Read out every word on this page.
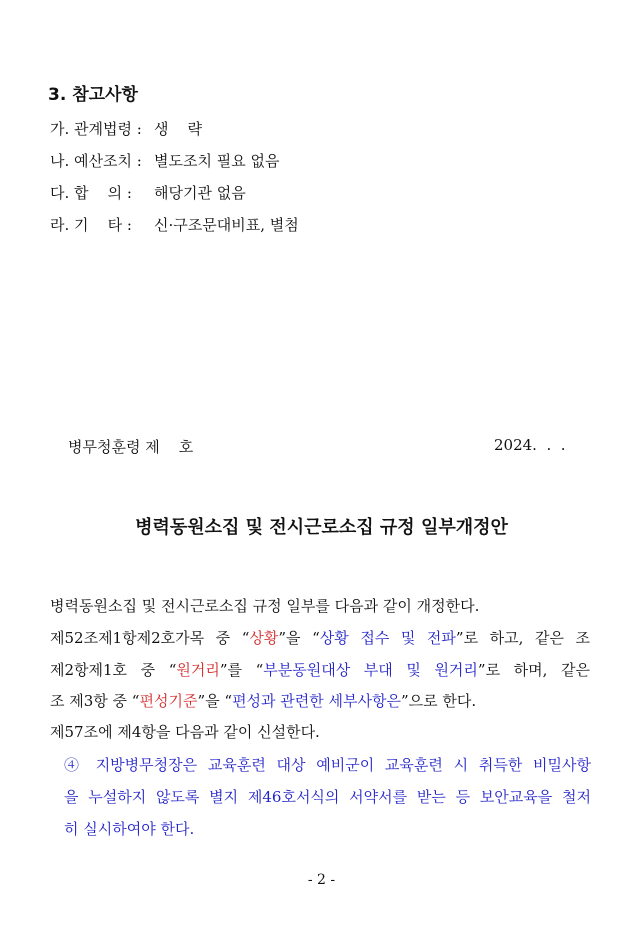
3. 참고사항
가. 관계법령 : 생    략
나. 예산조치 : 별도조치 필요 없음
다. 합    의 : 해당기관 없음
라. 기    타 : 신·구조문대비표, 별첨
병무청훈령 제    호	2024.  .  .
병력동원소집 및 전시근로소집 규정 일부개정안
병력동원소집 및 전시근로소집 규정 일부를 다음과 같이 개정한다.
제52조제1항제2호가목 중 “상황”을 “상황 접수 및 전파”로 하고, 같은 조
제2항제1호 중 “원거리”를 “부분동원대상 부대 및 원거리”로 하며, 같은
조 제3항 중 “편성기준”을 “편성과 관련한 세부사항은”으로 한다.
제57조에 제4항을 다음과 같이 신설한다.
④ 지방병무청장은 교육훈련 대상 예비군이 교육훈련 시 취득한 비밀사항
을 누설하지 않도록 별지 제46호서식의 서약서를 받는 등 보안교육을 철저
히 실시하여야 한다.
- 2 -
